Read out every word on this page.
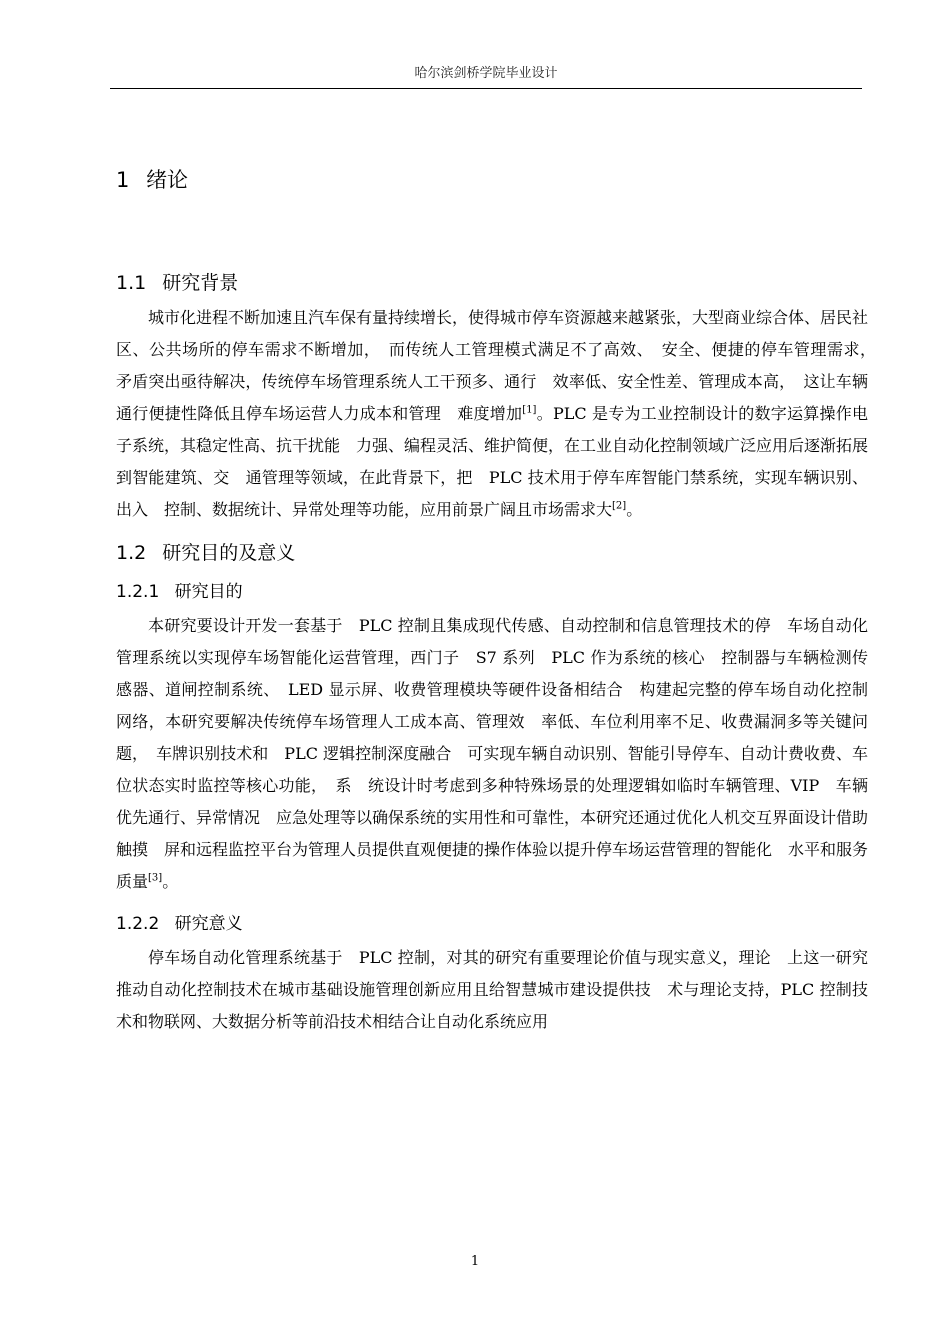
哈尔滨剑桥学院毕业设计
1 绪论
1.1 研究背景

城市化进程不断加速且汽车保有量持续增长，使得城市停车资源越来越紧张，大型商业综合体、居民社区、公共场所的停车需求不断增加，　而传统人工管理模式满足不了高效、　安全、便捷的停车管理需求，　矛盾突出亟待解决，传统停车场管理系统人工干预多、通行　效率低、安全性差、管理成本高，　这让车辆通行便捷性降低且停车场运营人力成本和管理　难度增加[1]。PLC 是专为工业控制设计的数字运算操作电子系统，其稳定性高、抗干扰能　力强、编程灵活、维护简便，在工业自动化控制领域广泛应用后逐渐拓展到智能建筑、交　通管理等领域，在此背景下，把　PLC 技术用于停车库智能门禁系统，实现车辆识别、出入　控制、数据统计、异常处理等功能，应用前景广阔且市场需求大[2]。

1.2 研究目的及意义
1.2.1 研究目的

本研究要设计开发一套基于　PLC 控制且集成现代传感、自动控制和信息管理技术的停　车场自动化管理系统以实现停车场智能化运营管理，西门子　S7 系列　PLC 作为系统的核心　控制器与车辆检测传感器、道闸控制系统、　LED 显示屏、收费管理模块等硬件设备相结合　构建起完整的停车场自动化控制网络，本研究要解决传统停车场管理人工成本高、管理效　率低、车位利用率不足、收费漏洞多等关键问题，　车牌识别技术和　PLC 逻辑控制深度融合　可实现车辆自动识别、智能引导停车、自动计费收费、车位状态实时监控等核心功能，　系　统设计时考虑到多种特殊场景的处理逻辑如临时车辆管理、VIP　车辆优先通行、异常情况　应急处理等以确保系统的实用性和可靠性，本研究还通过优化人机交互界面设计借助触摸　屏和远程监控平台为管理人员提供直观便捷的操作体验以提升停车场运营管理的智能化　水平和服务质量[3]。

1.2.2 研究意义

停车场自动化管理系统基于　PLC 控制，对其的研究有重要理论价值与现实意义，理论　上这一研究推动自动化控制技术在城市基础设施管理创新应用且给智慧城市建设提供技　术与理论支持，PLC 控制技术和物联网、大数据分析等前沿技术相结合让自动化系统应用

1
